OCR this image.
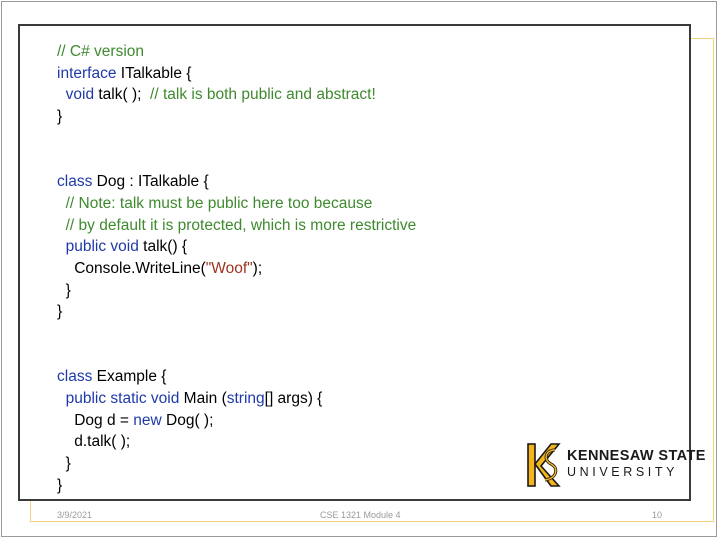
// C# version
interface ITalkable {
void talk( );  // talk is both public and abstract!
}

class Dog : ITalkable {
// Note: talk must be public here too because
// by default it is protected, which is more restrictive
public void talk() {
Console.WriteLine("Woof");
}
}

class Example {
public static void Main (string[] args) {
Dog d = new Dog( );
d.talk( );
}
}
KENNESAW STATE
UNIVERSITY
3/9/2021	CSE 1321 Module 4	10
